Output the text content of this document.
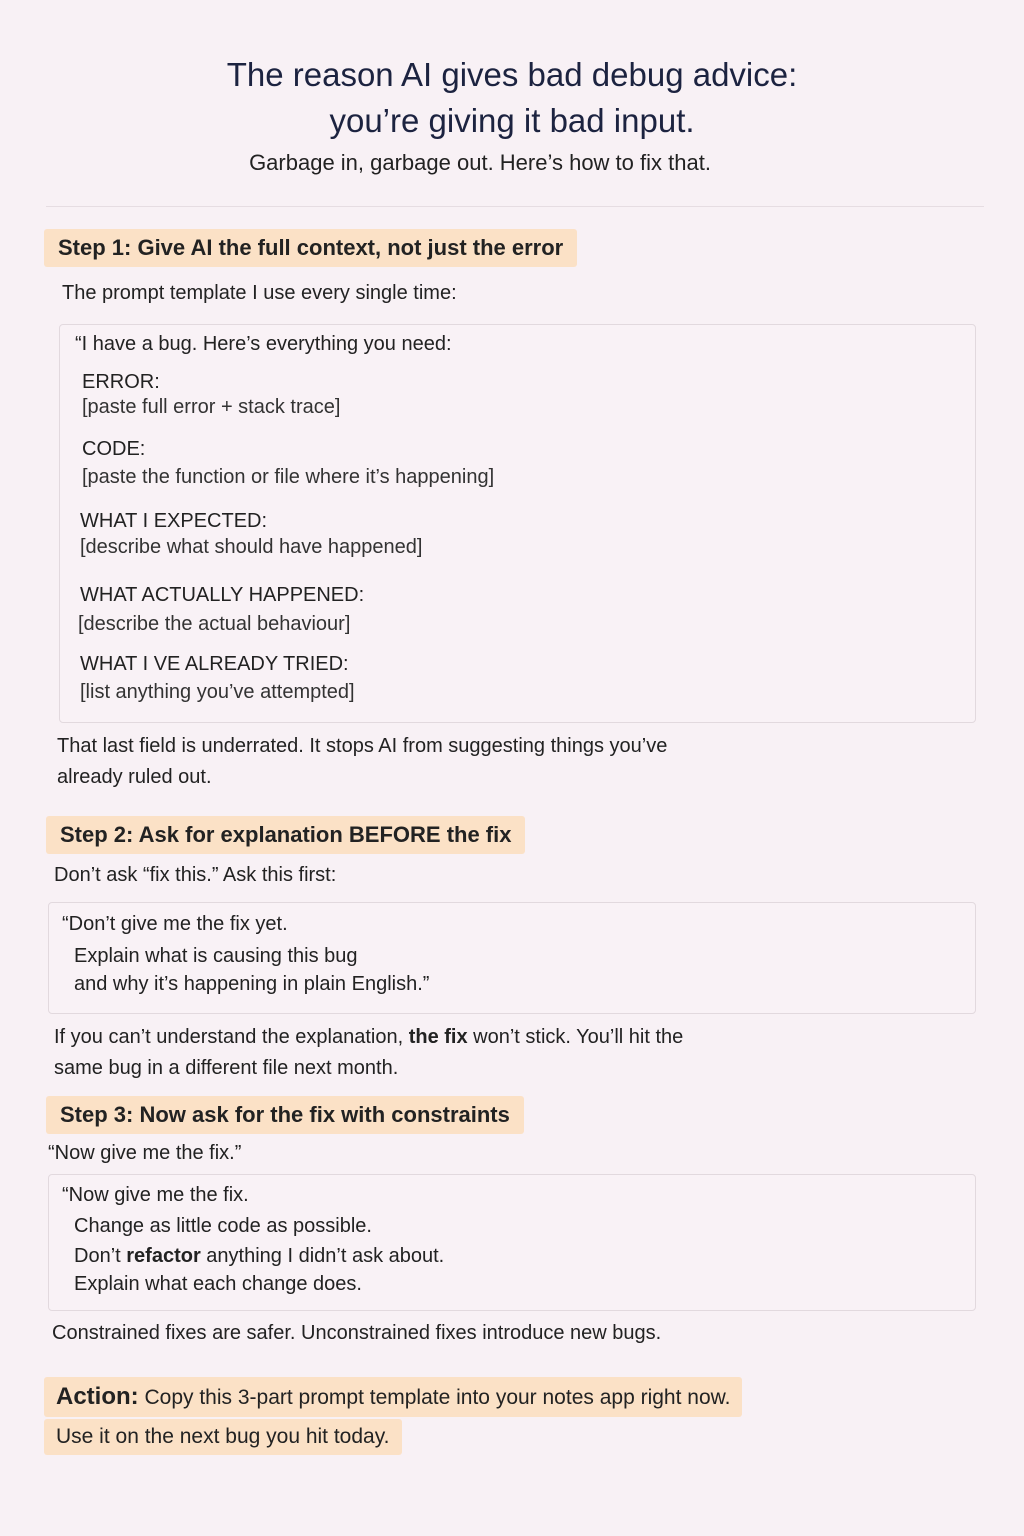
The reason AI gives bad debug advice:
you’re giving it bad input.

Garbage in, garbage out. Here’s how to fix that.

Step 1: Give AI the full context, not just the error

The prompt template I use every single time:

“I have a bug. Here’s everything you need:
ERROR:
[paste full error + stack trace]
CODE:
[paste the function or file where it’s happening]
WHAT I EXPECTED:
[describe what should have happened]
WHAT ACTUALLY HAPPENED:
[describe the actual behaviour]
WHAT I VE ALREADY TRIED:
[list anything you’ve attempted]

That last field is underrated. It stops AI from suggesting things you’ve
already ruled out.

Step 2: Ask for explanation BEFORE the fix

Don’t ask “fix this.” Ask this first:

“Don’t give me the fix yet.
Explain what is causing this bug
and why it’s happening in plain English.”

If you can’t understand the explanation, the fix won’t stick. You’ll hit the
same bug in a different file next month.

Step 3: Now ask for the fix with constraints

“Now give me the fix.”

“Now give me the fix.
Change as little code as possible.
Don’t refactor anything I didn’t ask about.
Explain what each change does.

Constrained fixes are safer. Unconstrained fixes introduce new bugs.

Action: Copy this 3-part prompt template into your notes app right now.
Use it on the next bug you hit today.
